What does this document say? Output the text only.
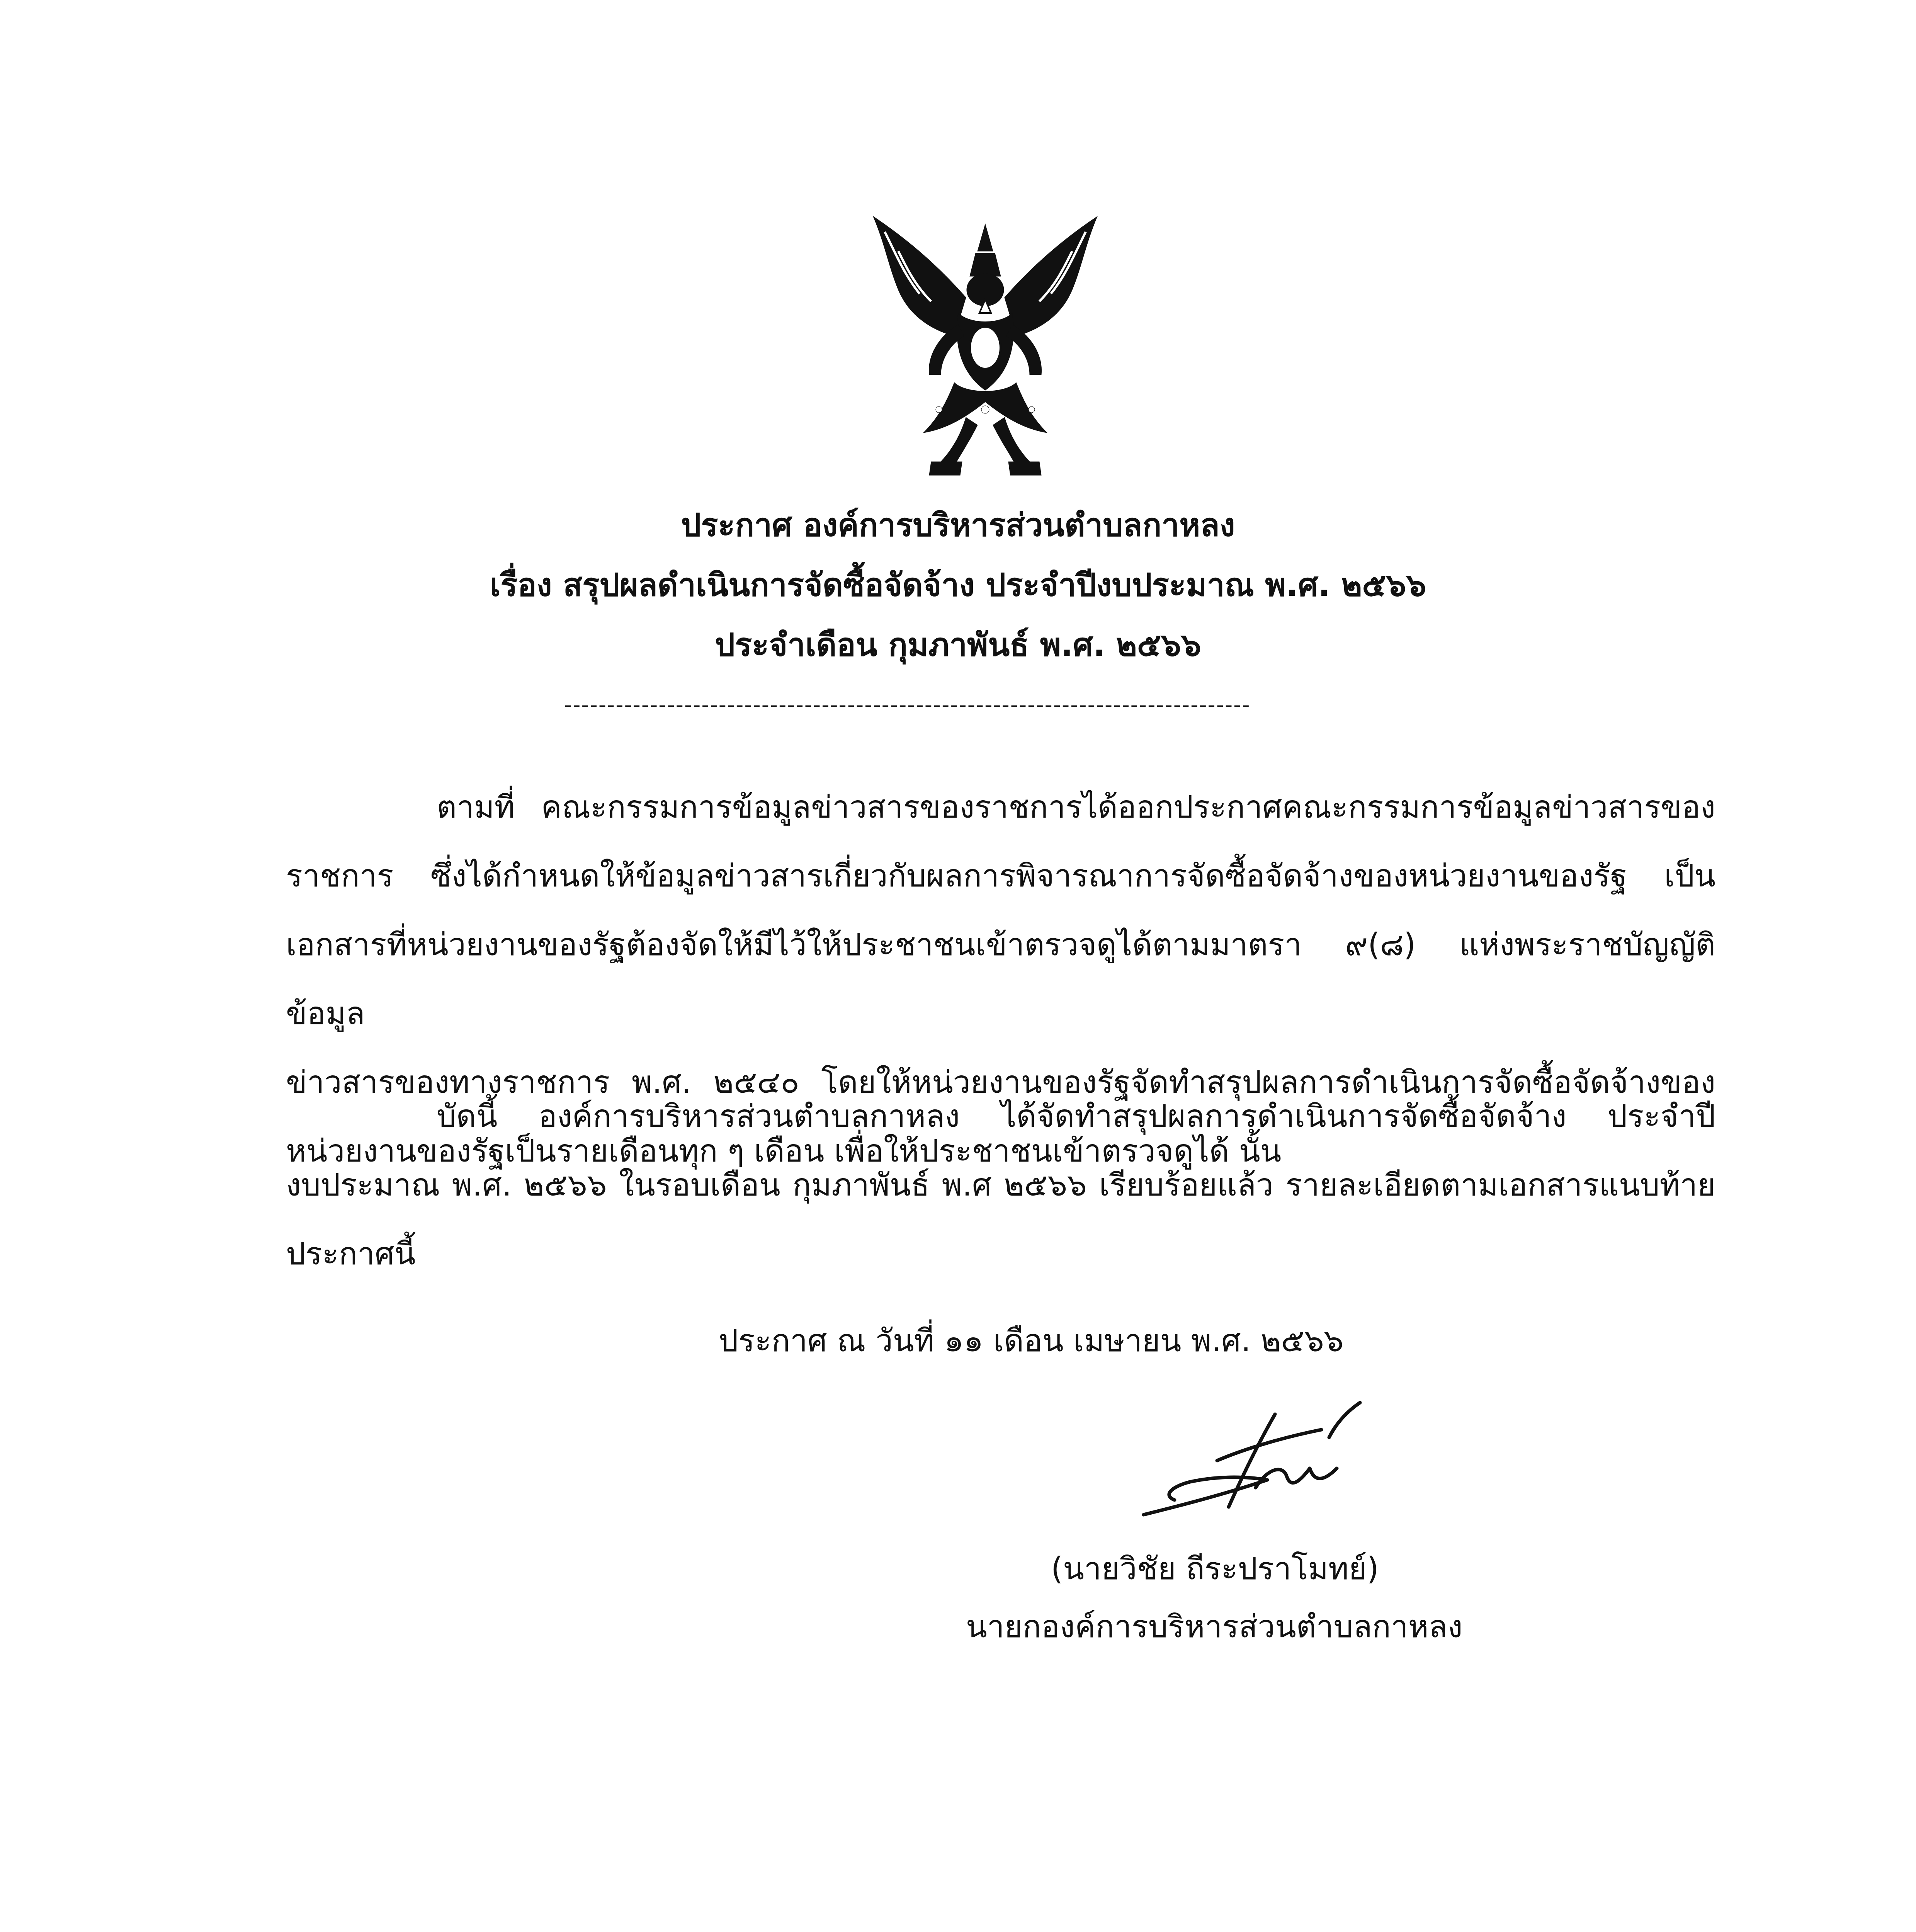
ประกาศ องค์การบริหารส่วนตำบลกาหลง
เรื่อง สรุปผลดำเนินการจัดซื้อจัดจ้าง ประจำปีงบประมาณ พ.ศ. ๒๕๖๖
ประจำเดือน กุมภาพันธ์ พ.ศ. ๒๕๖๖
--------------------------------------------------------------------------------
ตามที่ คณะกรรมการข้อมูลข่าวสารของราชการได้ออกประกาศคณะกรรมการข้อมูลข่าวสารของ
ราชการ ซึ่งได้กำหนดให้ข้อมูลข่าวสารเกี่ยวกับผลการพิจารณาการจัดซื้อจัดจ้างของหน่วยงานของรัฐ เป็น
เอกสารที่หน่วยงานของรัฐต้องจัดให้มีไว้ให้ประชาชนเข้าตรวจดูได้ตามมาตรา ๙(๘) แห่งพระราชบัญญัติข้อมูล
ข่าวสารของทางราชการ พ.ศ. ๒๕๔๐ โดยให้หน่วยงานของรัฐจัดทำสรุปผลการดำเนินการจัดซื้อจัดจ้างของ
หน่วยงานของรัฐเป็นรายเดือนทุก ๆ เดือน เพื่อให้ประชาชนเข้าตรวจดูได้ นั้น
บัดนี้ องค์การบริหารส่วนตำบลกาหลง ได้จัดทำสรุปผลการดำเนินการจัดซื้อจัดจ้าง ประจำปี
งบประมาณ พ.ศ. ๒๕๖๖ ในรอบเดือน กุมภาพันธ์ พ.ศ ๒๕๖๖ เรียบร้อยแล้ว รายละเอียดตามเอกสารแนบท้าย
ประกาศนี้
ประกาศ ณ วันที่ ๑๑ เดือน เมษายน พ.ศ. ๒๕๖๖
(นายวิชัย ถีระปราโมทย์)
นายกองค์การบริหารส่วนตำบลกาหลง
